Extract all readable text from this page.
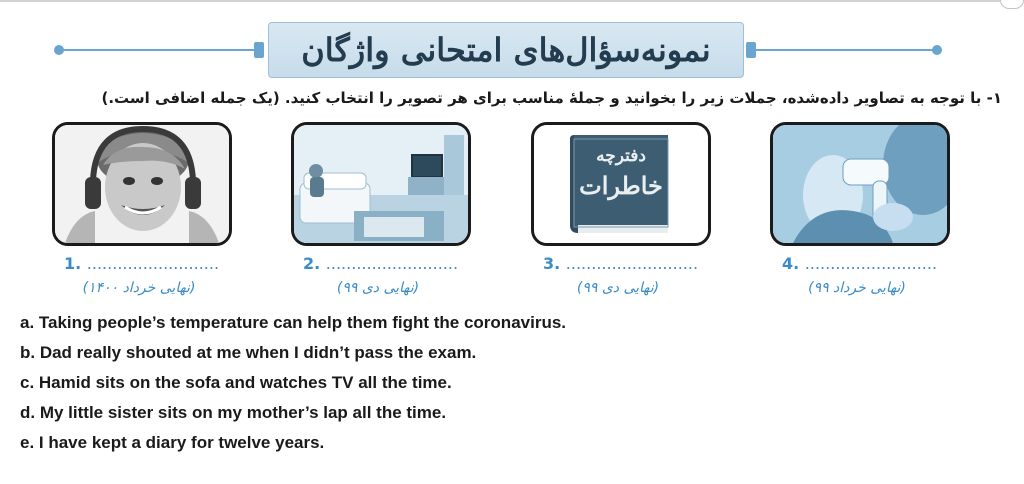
نمونه‌سؤال‌های امتحانی واژگان
۱- با توجه به تصاویر داده‌شده، جملات زیر را بخوانید و جملهٔ مناسب برای هر تصویر را انتخاب کنید. (یک جمله اضافی است.)
دفترچه
خاطرات
1. ..........................	2. ..........................	3. ..........................	4. ..........................
(نهایی خرداد ۱۴۰۰)	(نهایی دی ۹۹)	(نهایی دی ۹۹)	(نهایی خرداد ۹۹)
a. Taking people’s temperature can help them fight the coronavirus.
b. Dad really shouted at me when I didn’t pass the exam.
c. Hamid sits on the sofa and watches TV all the time.
d. My little sister sits on my mother’s lap all the time.
e. I have kept a diary for twelve years.
